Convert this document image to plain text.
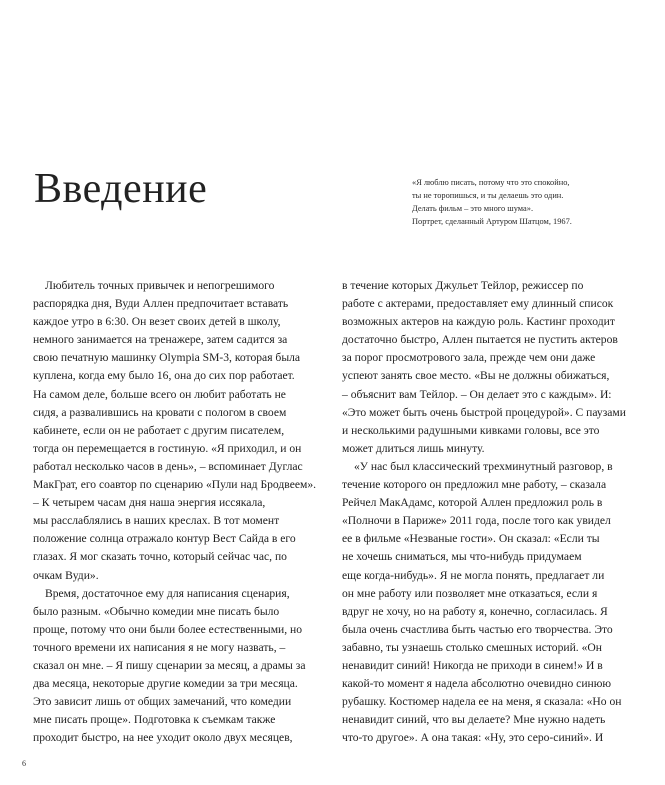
Введение	«Я люблю писать, потому что это спокойно,
ты не торопишься, и ты делаешь это один.
Делать фильм – это много шума».
Портрет, сделанный Артуром Шатцом, 1967.
Любитель точных привычек и непогрешимого
распорядка дня, Вуди Аллен предпочитает вставать
каждое утро в 6:30. Он везет своих детей в школу,
немного занимается на тренажере, затем садится за
свою печатную машинку Olympia SM-3, которая была
куплена, когда ему было 16, она до сих пор работает.
На самом деле, больше всего он любит работать не
сидя, а развалившись на кровати с пологом в своем
кабинете, если он не работает с другим писателем,
тогда он перемещается в гостиную. «Я приходил, и он
работал несколько часов в день», – вспоминает Дуглас
МакГрат, его соавтор по сценарию «Пули над Бродвеем».
– К четырем часам дня наша энергия иссякала,
мы расслаблялись в наших креслах. В тот момент
положение солнца отражало контур Вест Сайда в его
глазах. Я мог сказать точно, который сейчас час, по
очкам Вуди».
Время, достаточное ему для написания сценария,
было разным. «Обычно комедии мне писать было
проще, потому что они были более естественными, но
точного времени их написания я не могу назвать, –
сказал он мне. – Я пишу сценарии за месяц, а драмы за
два месяца, некоторые другие комедии за три месяца.
Это зависит лишь от общих замечаний, что комедии
мне писать проще». Подготовка к съемкам также
проходит быстро, на нее уходит около двух месяцев,
в течение которых Джульет Тейлор, режиссер по
работе с актерами, предоставляет ему длинный список
возможных актеров на каждую роль. Кастинг проходит
достаточно быстро, Аллен пытается не пустить актеров
за порог просмотрового зала, прежде чем они даже
успеют занять свое место. «Вы не должны обижаться,
– объяснит вам Тейлор. – Он делает это с каждым». И:
«Это может быть очень быстрой процедурой». С паузами
и несколькими радушными кивками головы, все это
может длиться лишь минуту.
«У нас был классический трехминутный разговор, в
течение которого он предложил мне работу, – сказала
Рейчел МакАдамс, которой Аллен предложил роль в
«Полночи в Париже» 2011 года, после того как увидел
ее в фильме «Незваные гости». Он сказал: «Если ты
не хочешь сниматься, мы что-нибудь придумаем
еще когда-нибудь». Я не могла понять, предлагает ли
он мне работу или позволяет мне отказаться, если я
вдруг не хочу, но на работу я, конечно, согласилась. Я
была очень счастлива быть частью его творчества. Это
забавно, ты узнаешь столько смешных историй. «Он
ненавидит синий! Никогда не приходи в синем!» И в
какой-то момент я надела абсолютно очевидно синюю
рубашку. Костюмер надела ее на меня, я сказала: «Но он
ненавидит синий, что вы делаете? Мне нужно надеть
что-то другое». А она такая: «Ну, это серо-синий». И
6
